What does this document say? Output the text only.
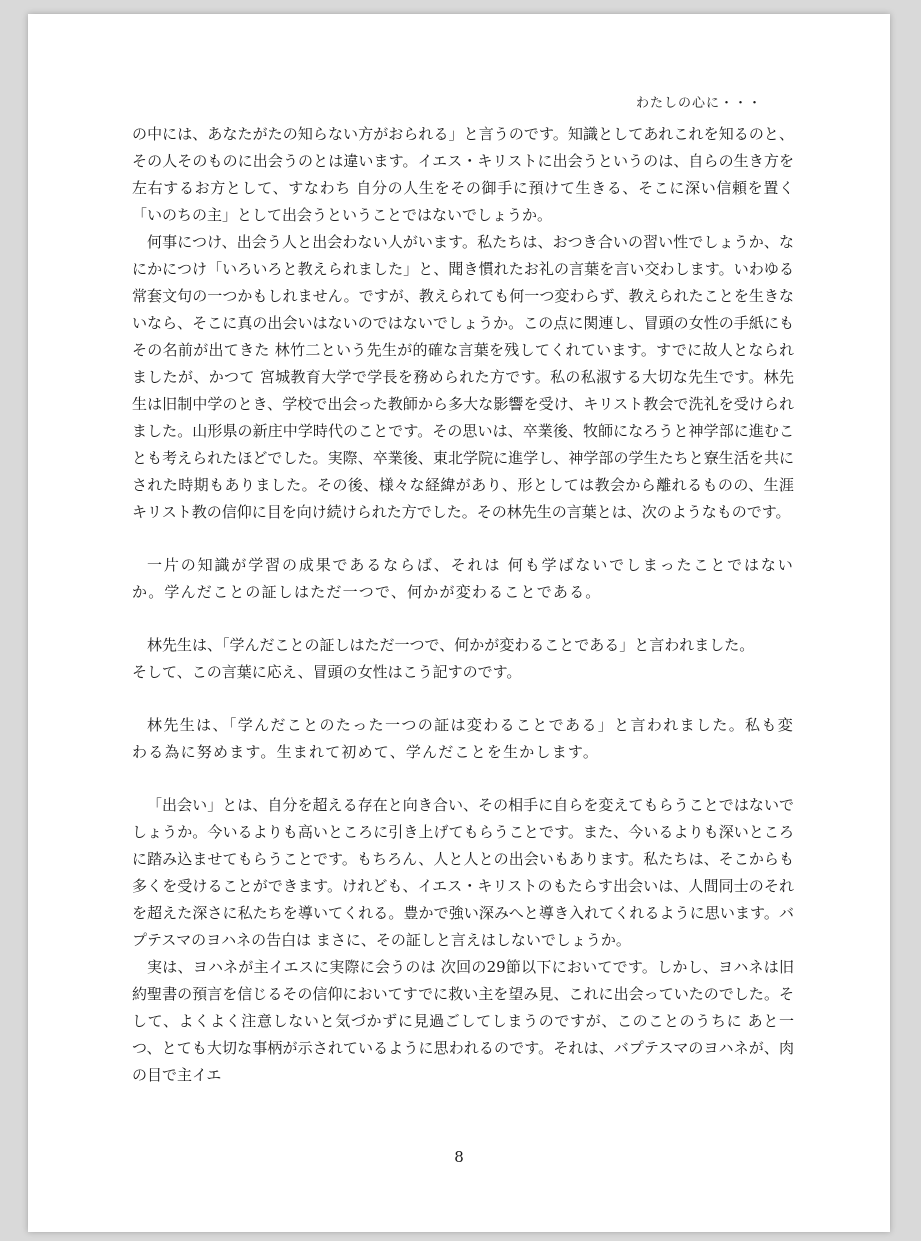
わたしの心に・・・

の中には、あなたがたの知らない方がおられる」と言うのです。知識としてあれこれを知るのと、その人そのものに出会うのとは違います。イエス・キリストに出会うというのは、自らの生き方を左右するお方として、すなわち 自分の人生をその御手に預けて生きる、そこに深い信頼を置く「いのちの主」として出会うということではないでしょうか。

何事につけ、出会う人と出会わない人がいます。私たちは、おつき合いの習い性でしょうか、なにかにつけ「いろいろと教えられました」と、聞き慣れたお礼の言葉を言い交わします。いわゆる常套文句の一つかもしれません。ですが、教えられても何一つ変わらず、教えられたことを生きないなら、そこに真の出会いはないのではないでしょうか。この点に関連し、冒頭の女性の手紙にもその名前が出てきた 林竹二という先生が的確な言葉を残してくれています。すでに故人となられましたが、かつて 宮城教育大学で学長を務められた方です。私の私淑する大切な先生です。林先生は旧制中学のとき、学校で出会った教師から多大な影響を受け、キリスト教会で洗礼を受けられました。山形県の新庄中学時代のことです。その思いは、卒業後、牧師になろうと神学部に進むことも考えられたほどでした。実際、卒業後、東北学院に進学し、神学部の学生たちと寮生活を共にされた時期もありました。その後、様々な経緯があり、形としては教会から離れるものの、生涯 キリスト教の信仰に目を向け続けられた方でした。その林先生の言葉とは、次のようなものです。

一片の知識が学習の成果であるならば、それは 何も学ばないでしまったことではないか。学んだことの証しはただ一つで、何かが変わることである。

林先生は、「学んだことの証しはただ一つで、何かが変わることである」と言われました。

そして、この言葉に応え、冒頭の女性はこう記すのです。

林先生は、「学んだことのたった一つの証は変わることである」と言われました。私も変わる為に努めます。生まれて初めて、学んだことを生かします。

「出会い」とは、自分を超える存在と向き合い、その相手に自らを変えてもらうことではないでしょうか。今いるよりも高いところに引き上げてもらうことです。また、今いるよりも深いところに踏み込ませてもらうことです。もちろん、人と人との出会いもあります。私たちは、そこからも多くを受けることができます。けれども、イエス・キリストのもたらす出会いは、人間同士のそれを超えた深さに私たちを導いてくれる。豊かで強い深みへと導き入れてくれるように思います。バプテスマのヨハネの告白は まさに、その証しと言えはしないでしょうか。

実は、ヨハネが主イエスに実際に会うのは 次回の29節以下においてです。しかし、ヨハネは旧約聖書の預言を信じるその信仰においてすでに救い主を望み見、これに出会っていたのでした。そして、よくよく注意しないと気づかずに見過ごしてしまうのですが、このことのうちに あと一つ、とても大切な事柄が示されているように思われるのです。それは、バプテスマのヨハネが、肉の目で主イエ

8
